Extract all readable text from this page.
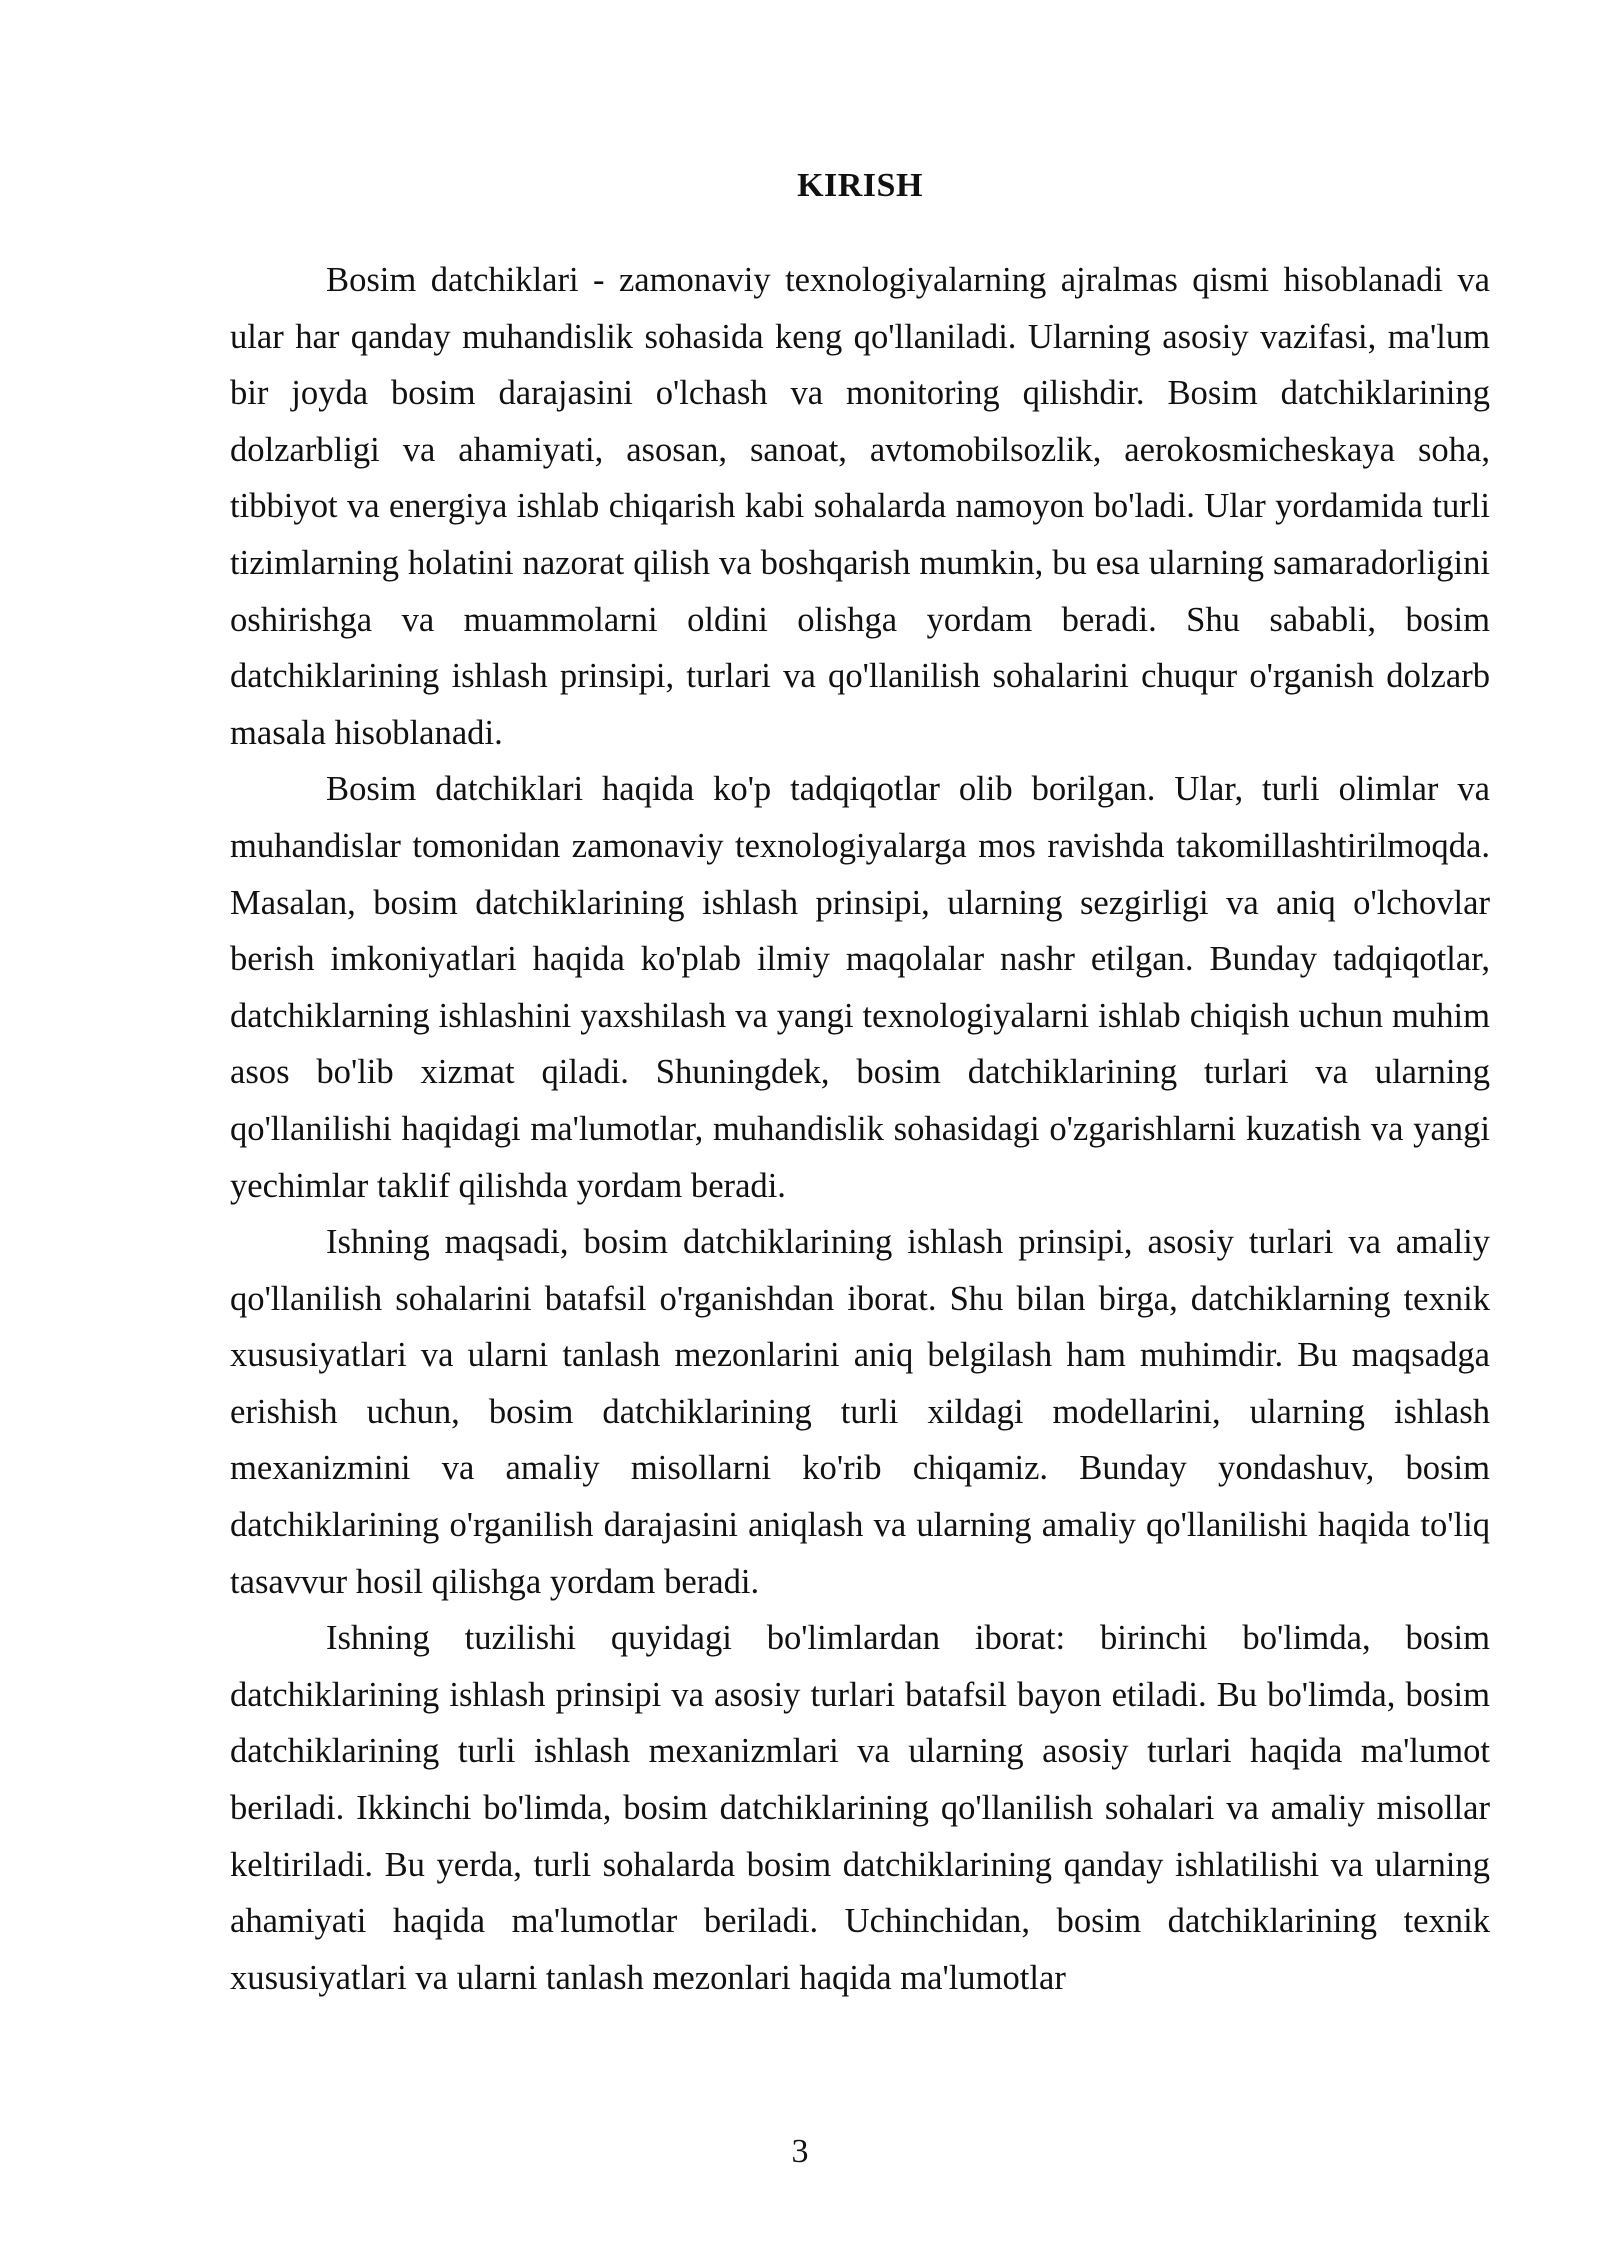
KIRISH

Bosim datchiklari - zamonaviy texnologiyalarning ajralmas qismi hisoblanadi va ular har qanday muhandislik sohasida keng qo'llaniladi. Ularning asosiy vazifasi, ma'lum bir joyda bosim darajasini o'lchash va monitoring qilishdir. Bosim datchiklarining dolzarbligi va ahamiyati, asosan, sanoat, avtomobilsozlik, aerokosmicheskaya soha, tibbiyot va energiya ishlab chiqarish kabi sohalarda namoyon bo'ladi. Ular yordamida turli tizimlarning holatini nazorat qilish va boshqarish mumkin, bu esa ularning samaradorligini oshirishga va muammolarni oldini olishga yordam beradi. Shu sababli, bosim datchiklarining ishlash prinsipi, turlari va qo'llanilish sohalarini chuqur o'rganish dolzarb masala hisoblanadi.

Bosim datchiklari haqida ko'p tadqiqotlar olib borilgan. Ular, turli olimlar va muhandislar tomonidan zamonaviy texnologiyalarga mos ravishda takomillashtirilmoqda. Masalan, bosim datchiklarining ishlash prinsipi, ularning sezgirligi va aniq o'lchovlar berish imkoniyatlari haqida ko'plab ilmiy maqolalar nashr etilgan. Bunday tadqiqotlar, datchiklarning ishlashini yaxshilash va yangi texnologiyalarni ishlab chiqish uchun muhim asos bo'lib xizmat qiladi. Shuningdek, bosim datchiklarining turlari va ularning qo'llanilishi haqidagi ma'lumotlar, muhandislik sohasidagi o'zgarishlarni kuzatish va yangi yechimlar taklif qilishda yordam beradi.

Ishning maqsadi, bosim datchiklarining ishlash prinsipi, asosiy turlari va amaliy qo'llanilish sohalarini batafsil o'rganishdan iborat. Shu bilan birga, datchiklarning texnik xususiyatlari va ularni tanlash mezonlarini aniq belgilash ham muhimdir. Bu maqsadga erishish uchun, bosim datchiklarining turli xildagi modellarini, ularning ishlash mexanizmini va amaliy misollarni ko'rib chiqamiz. Bunday yondashuv, bosim datchiklarining o'rganilish darajasini aniqlash va ularning amaliy qo'llanilishi haqida to'liq tasavvur hosil qilishga yordam beradi.

Ishning tuzilishi quyidagi bo'limlardan iborat: birinchi bo'limda, bosim datchiklarining ishlash prinsipi va asosiy turlari batafsil bayon etiladi. Bu bo'limda, bosim datchiklarining turli ishlash mexanizmlari va ularning asosiy turlari haqida ma'lumot beriladi. Ikkinchi bo'limda, bosim datchiklarining qo'llanilish sohalari va amaliy misollar keltiriladi. Bu yerda, turli sohalarda bosim datchiklarining qanday ishlatilishi va ularning ahamiyati haqida ma'lumotlar beriladi. Uchinchidan, bosim datchiklarining texnik xususiyatlari va ularni tanlash mezonlari haqida ma'lumotlar

3
